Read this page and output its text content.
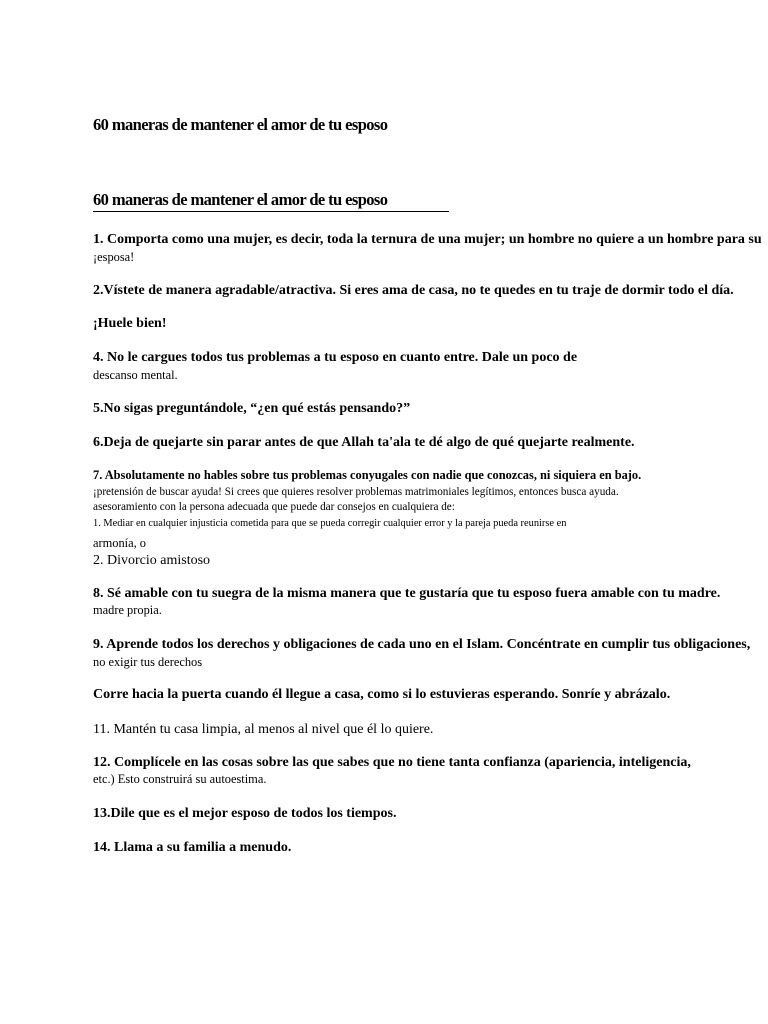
60 maneras de mantener el amor de tu esposo
60 maneras de mantener el amor de tu esposo
1. Comporta como una mujer, es decir, toda la ternura de una mujer; un hombre no quiere a un hombre para su
¡esposa!
2.Vístete de manera agradable/atractiva. Si eres ama de casa, no te quedes en tu traje de dormir todo el día.
¡Huele bien!
4. No le cargues todos tus problemas a tu esposo en cuanto entre. Dale un poco de
descanso mental.
5.No sigas preguntándole, “¿en qué estás pensando?”
6.Deja de quejarte sin parar antes de que Allah ta'ala te dé algo de qué quejarte realmente.
7. Absolutamente no hables sobre tus problemas conyugales con nadie que conozcas, ni siquiera en bajo.
¡pretensión de buscar ayuda! Si crees que quieres resolver problemas matrimoniales legítimos, entonces busca ayuda.
asesoramiento con la persona adecuada que puede dar consejos en cualquiera de:
1. Mediar en cualquier injusticia cometida para que se pueda corregir cualquier error y la pareja pueda reunirse en
armonía, o
2. Divorcio amistoso
8. Sé amable con tu suegra de la misma manera que te gustaría que tu esposo fuera amable con tu madre.
madre propia.
9. Aprende todos los derechos y obligaciones de cada uno en el Islam. Concéntrate en cumplir tus obligaciones,
no exigir tus derechos
Corre hacia la puerta cuando él llegue a casa, como si lo estuvieras esperando. Sonríe y abrázalo.
11. Mantén tu casa limpia, al menos al nivel que él lo quiere.
12. Complícele en las cosas sobre las que sabes que no tiene tanta confianza (apariencia, inteligencia,
etc.) Esto construirá su autoestima.
13.Dile que es el mejor esposo de todos los tiempos.
14. Llama a su familia a menudo.
